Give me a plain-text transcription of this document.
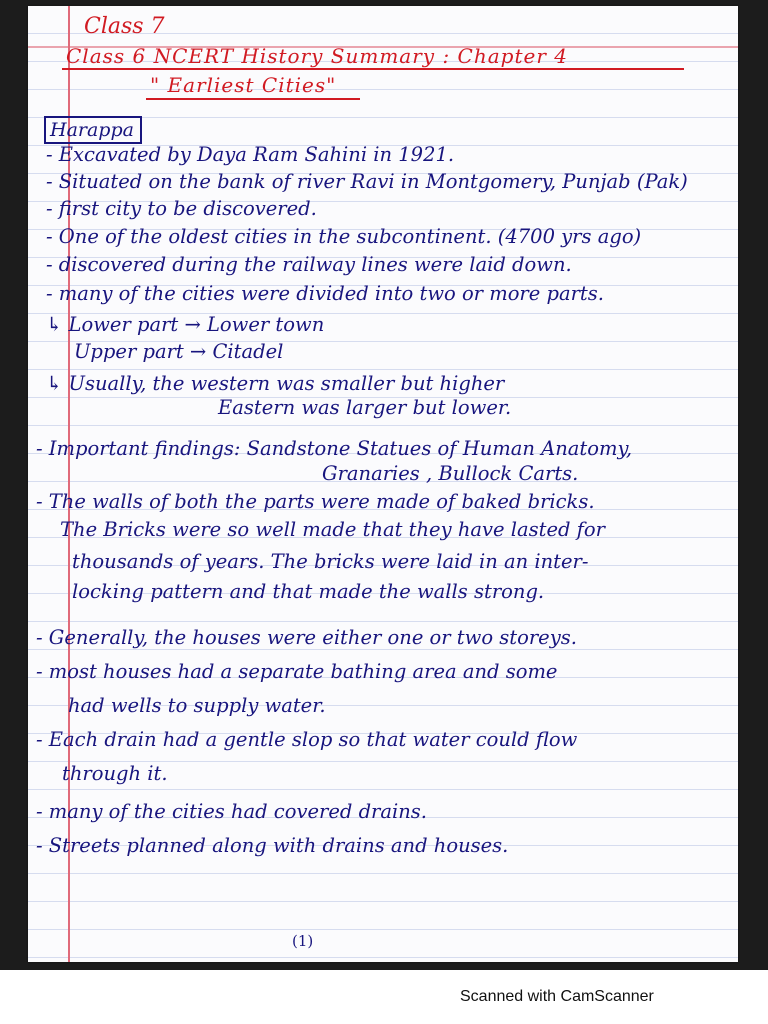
Class 7
Class 6 NCERT History Summary : Chapter 4
" Earliest Cities"
Harappa
- Excavated by Daya Ram Sahini in 1921.
- Situated on the bank of river Ravi in Montgomery, Punjab (Pak)
- first city to be discovered.
- One of the oldest cities in the subcontinent. (4700 yrs ago)
- discovered during the railway lines were laid down.
- many of the cities were divided into two or more parts.
↳ Lower part → Lower town
Upper part → Citadel
↳ Usually, the western was smaller but higher
Eastern was larger but lower.
- Important findings: Sandstone Statues of Human Anatomy,
Granaries , Bullock Carts.
- The walls of both the parts were made of baked bricks.
The Bricks were so well made that they have lasted for
thousands of years. The bricks were laid in an inter-
locking pattern and that made the walls strong.
- Generally, the houses were either one or two storeys.
- most houses had a separate bathing area and some
had wells to supply water.
- Each drain had a gentle slop so that water could flow
through it.
- many of the cities had covered drains.
- Streets planned along with drains and houses.
(1)
Scanned with CamScanner
